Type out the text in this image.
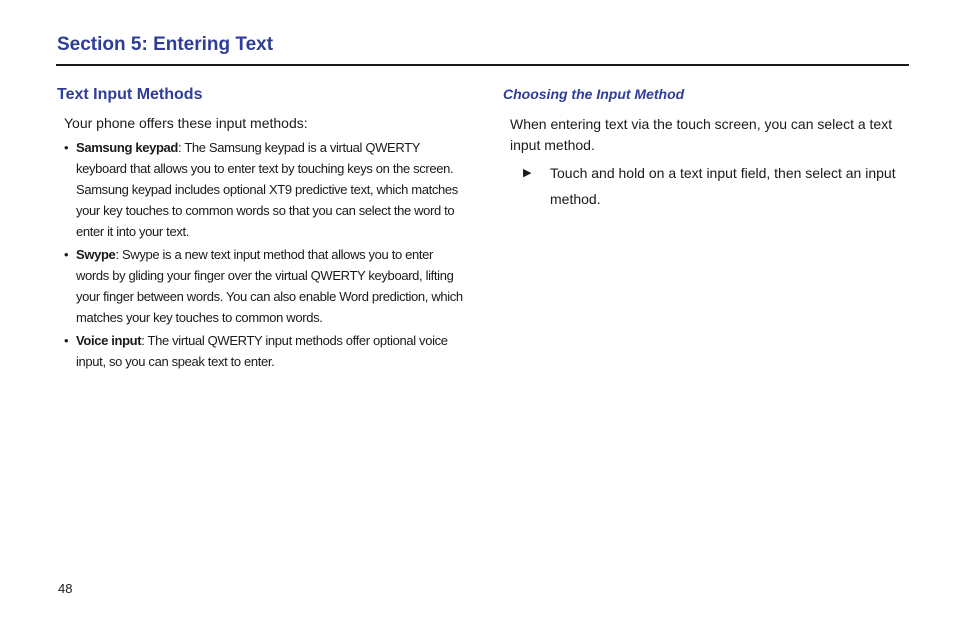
Section 5: Entering Text
Text Input Methods

Your phone offers these input methods:

• Samsung keypad: The Samsung keypad is a virtual QWERTY keyboard that allows you to enter text by touching keys on the screen. Samsung keypad includes optional XT9 predictive text, which matches your key touches to common words so that you can select the word to enter it into your text.
• Swype: Swype is a new text input method that allows you to enter words by gliding your finger over the virtual QWERTY keyboard, lifting your finger between words. You can also enable Word prediction, which matches your key touches to common words.
• Voice input: The virtual QWERTY input methods offer optional voice input, so you can speak text to enter.
Choosing the Input Method

When entering text via the touch screen, you can select a text input method.

▶ Touch and hold on a text input field, then select an input method.
48
